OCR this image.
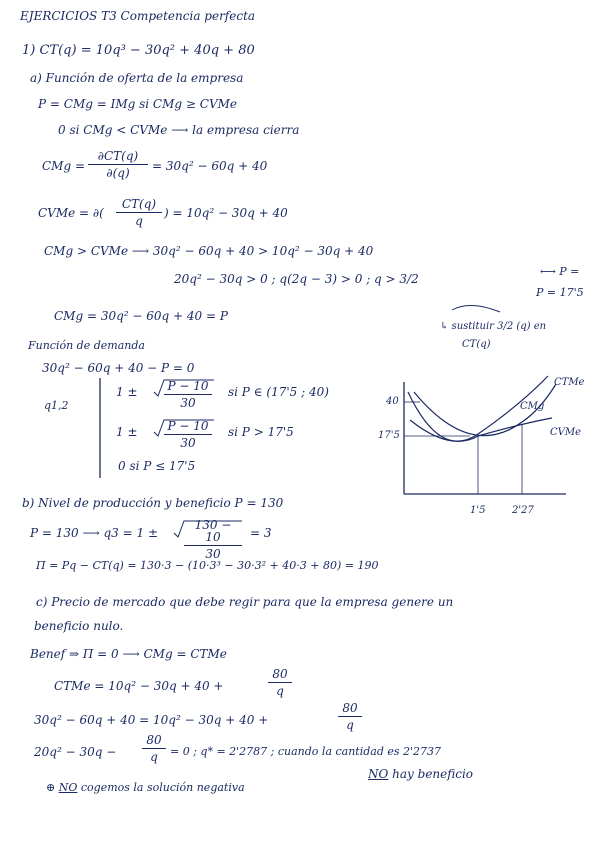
EJERCICIOS T3 Competencia perfecta
1) CT(q) = 10q³ − 30q² + 40q + 80
a) Función de oferta de la empresa
P = CMg = IMg si CMg ≥ CVMe
0 si CMg < CVMe ⟶ la empresa cierra
CMg = $\frac{\partial CT(q)}{\partial(q)} = 30q^2 - 60q + 40$
CVMe = ∂( $\frac{CT(q)}{q}$ ) = 10q² − 30q + 40
CMg > CVMe ⟶ 30q² − 60q + 40 > 10q² − 30q + 40
20q² − 30q > 0 ; q(2q − 3) > 0 ; q > 3/2
⟷ P =
P = 17'5
CMg = 30q² − 60q + 40 = P
↳ sustituir 3/2 (q) en
CT(q)
Función de demanda
30q² − 60q + 40 − P = 0
q1,2
$1 \pm \frac{P - 10}{30}$ si P ∈ (17'5 ; 40)
$1 \pm \frac{P - 10}{30}$ si P > 17'5
0 si P ≤ 17'5
b) Nivel de producción y beneficio P = 130
P = 130 ⟶ $q3 = 1 \pm \frac{130 - 10}{30} = 3$
Π = Pq − CT(q) = 130·3 − (10·3³ − 30·3² + 40·3 + 80) = 190
c) Precio de mercado que debe regir para que la empresa genere un
beneficio nulo.
Benef ⇒ Π = 0 ⟶ CMg = CTMe
CTMe = 10q² − 30q + 40 +	$\frac{80}{q}$
30q² − 60q + 40 = 10q² − 30q + 40 +	$\frac{80}{q}$
$20q^2 - 30q - \frac{80}{q} = 0$ ; q* = 2'2787 ; cuando la cantidad es 2'2737
NO hay beneficio
⊕ NO cogemos la solución negativa
40
17'5
1'5	2'27
CTMe
CMg
CVMe
